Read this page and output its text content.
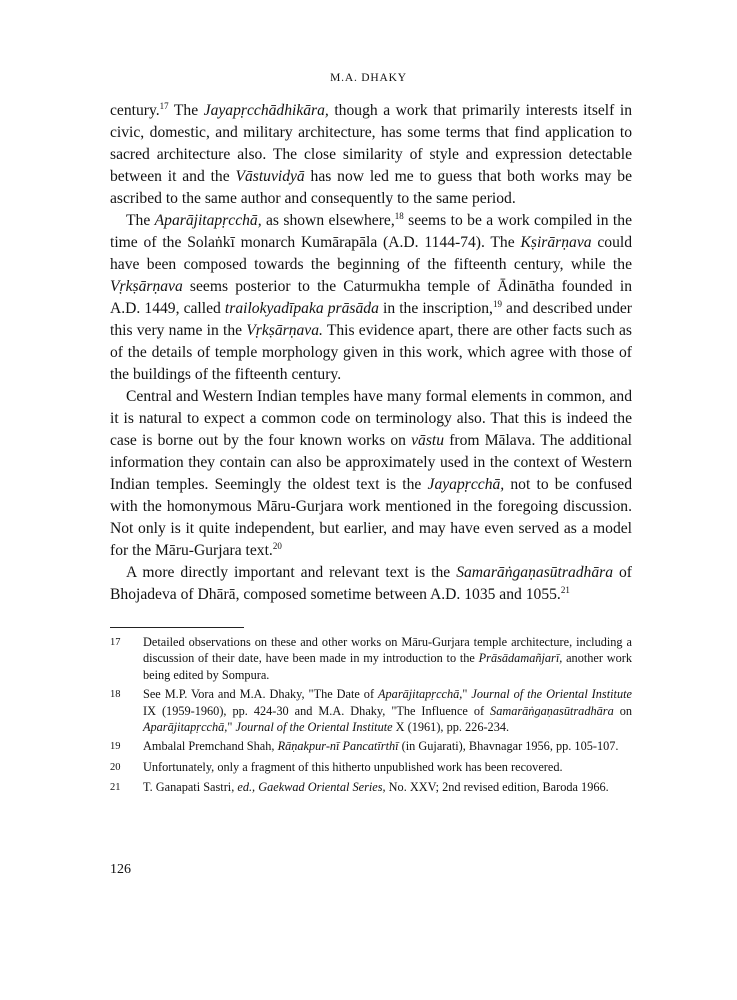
M.A. DHAKY

century.$^{17}$ The Jayapṛcchādhikāra, though a work that primarily interests itself in civic, domestic, and military architecture, has some terms that find application to sacred architecture also. The close similarity of style and expression detectable between it and the Vāstuvidyā has now led me to guess that both works may be ascribed to the same author and consequently to the same period.

The Aparājitapṛcchā, as shown elsewhere,$^{18}$ seems to be a work compiled in the time of the Solaṅkī monarch Kumārapāla (A.D. 1144-74). The Kṣirārṇava could have been composed towards the beginning of the fifteenth century, while the Vṛkṣārṇava seems posterior to the Caturmukha temple of Ādinātha founded in A.D. 1449, called trailokyadīpaka prāsāda in the inscription,$^{19}$ and described under this very name in the Vṛkṣārṇava. This evidence apart, there are other facts such as of the details of temple morphology given in this work, which agree with those of the buildings of the fifteenth century.

Central and Western Indian temples have many formal elements in common, and it is natural to expect a common code on terminology also. That this is indeed the case is borne out by the four known works on vāstu from Mālava. The additional information they contain can also be approximately used in the context of Western Indian temples. Seemingly the oldest text is the Jayapṛcchā, not to be confused with the homonymous Māru-Gurjara work mentioned in the foregoing discussion. Not only is it quite independent, but earlier, and may have even served as a model for the Māru-Gurjara text.$^{20}$

A more directly important and relevant text is the Samarāṅgaṇasūtradhāra of Bhojadeva of Dhārā, composed sometime between A.D. 1035 and 1055.21

17	Detailed observations on these and other works on Māru-Gurjara temple architecture, including a discussion of their date, have been made in my introduction to the Prāsādamañjarī, another work being edited by Sompura.
18	See M.P. Vora and M.A. Dhaky, "The Date of Aparājitapṛcchā," Journal of the Oriental Institute IX (1959-1960), pp. 424-30 and M.A. Dhaky, "The Influence of Samarāṅgaṇasūtradhāra on Aparājitapṛcchā," Journal of the Oriental Institute X (1961), pp. 226-234.
19	Ambalal Premchand Shah, Rāṇakpur-nī Pancatīrthī (in Gujarati), Bhavnagar 1956, pp. 105-107.
20	Unfortunately, only a fragment of this hitherto unpublished work has been recovered.
21	T. Ganapati Sastri, ed., Gaekwad Oriental Series, No. XXV; 2nd revised edition, Baroda 1966.
126
